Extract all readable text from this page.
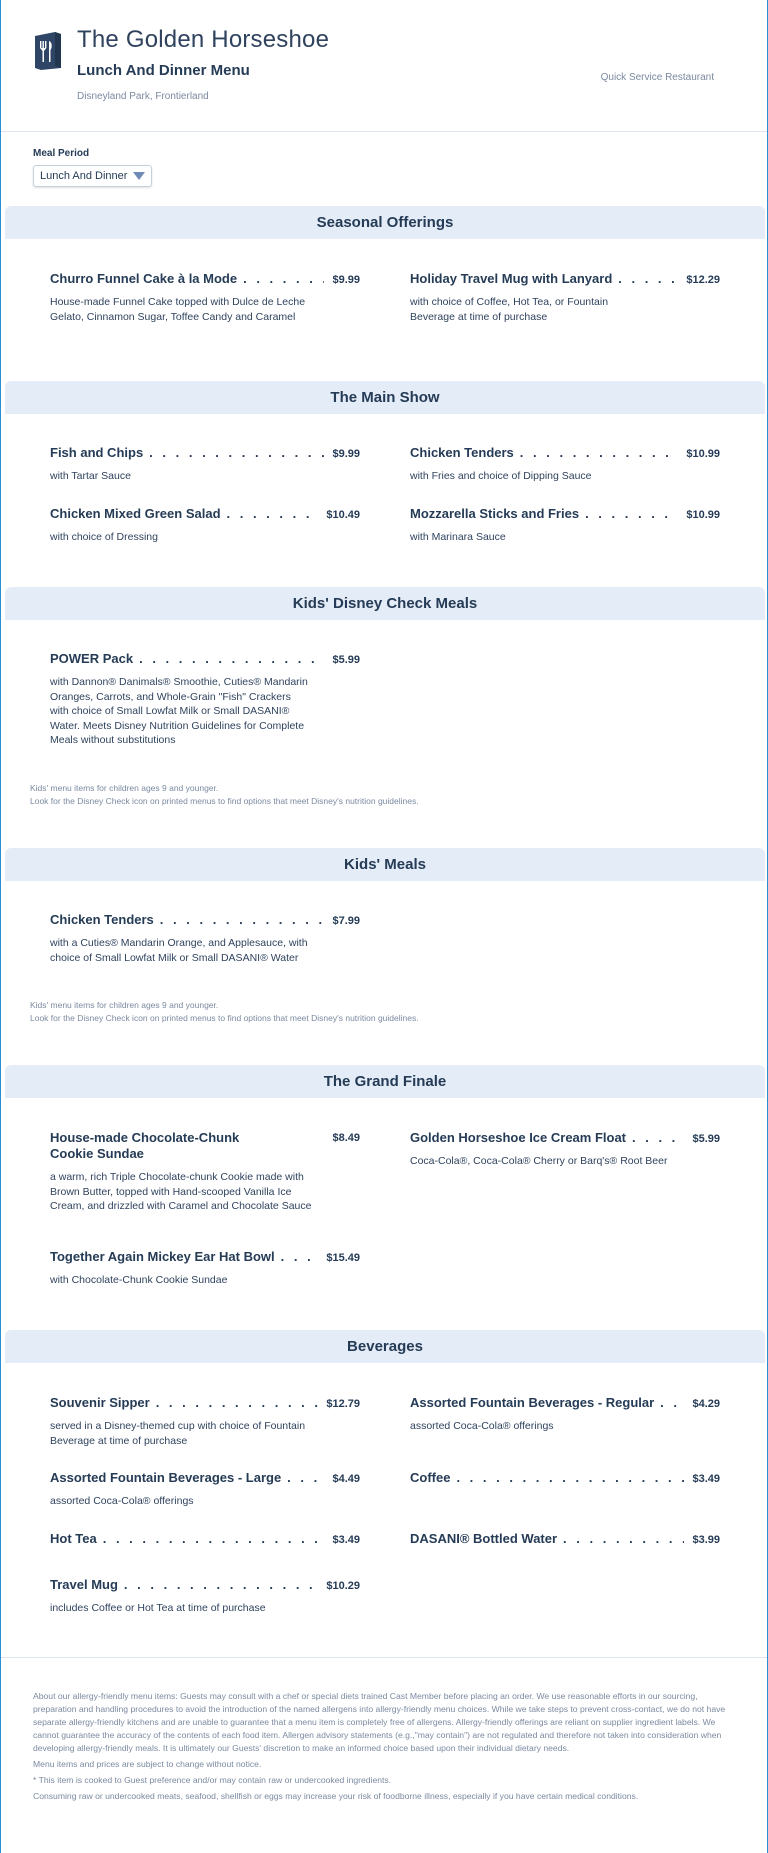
The Golden Horseshoe
Lunch And Dinner Menu
Disneyland Park, Frontierland
Quick Service Restaurant
Meal Period
Lunch And Dinner
Seasonal Offerings
Churro Funnel Cake à la Mode . . .	$9.99
House-made Funnel Cake topped with Dulce de Leche Gelato, Cinnamon Sugar, Toffee Candy and Caramel
Holiday Travel Mug with Lanyard . . .	$12.29
with choice of Coffee, Hot Tea, or Fountain Beverage at time of purchase
The Main Show
Fish and Chips . . .	$9.99
with Tartar Sauce
Chicken Tenders . . .	$10.99
with Fries and choice of Dipping Sauce
Chicken Mixed Green Salad . . .	$10.49
with choice of Dressing
Mozzarella Sticks and Fries . . .	$10.99
with Marinara Sauce
Kids' Disney Check Meals
POWER Pack . . .	$5.99
with Dannon® Danimals® Smoothie, Cuties® Mandarin Oranges, Carrots, and Whole-Grain "Fish" Crackers with choice of Small Lowfat Milk or Small DASANI® Water. Meets Disney Nutrition Guidelines for Complete Meals without substitutions
Kids' menu items for children ages 9 and younger.
Look for the Disney Check icon on printed menus to find options that meet Disney's nutrition guidelines.
Kids' Meals
Chicken Tenders . . .	$7.99
with a Cuties® Mandarin Orange, and Applesauce, with choice of Small Lowfat Milk or Small DASANI® Water
Kids' menu items for children ages 9 and younger.
Look for the Disney Check icon on printed menus to find options that meet Disney's nutrition guidelines.
The Grand Finale
House-made Chocolate-Chunk Cookie Sundae
$8.49
a warm, rich Triple Chocolate-chunk Cookie made with Brown Butter, topped with Hand-scooped Vanilla Ice Cream, and drizzled with Caramel and Chocolate Sauce
Golden Horseshoe Ice Cream Float . . .	$5.99
Coca-Cola®, Coca-Cola® Cherry or Barq's® Root Beer
Together Again Mickey Ear Hat Bowl . . .	$15.49
with Chocolate-Chunk Cookie Sundae
Beverages
Souvenir Sipper . . .	$12.79
served in a Disney-themed cup with choice of Fountain Beverage at time of purchase
Assorted Fountain Beverages - Regular . . .	$4.29
assorted Coca-Cola® offerings
Assorted Fountain Beverages - Large . . .	$4.49
assorted Coca-Cola® offerings
Coffee . . .	$3.49
Hot Tea . . .	$3.49	DASANI® Bottled Water . . .	$3.99
Travel Mug . . .	$10.29
includes Coffee or Hot Tea at time of purchase

About our allergy-friendly menu items: Guests may consult with a chef or special diets trained Cast Member before placing an order. We use reasonable efforts in our sourcing, preparation and handling procedures to avoid the introduction of the named allergens into allergy-friendly menu choices. While we take steps to prevent cross-contact, we do not have separate allergy-friendly kitchens and are unable to guarantee that a menu item is completely free of allergens. Allergy-friendly offerings are reliant on supplier ingredient labels. We cannot guarantee the accuracy of the contents of each food item. Allergen advisory statements (e.g.,"may contain") are not regulated and therefore not taken into consideration when developing allergy-friendly meals. It is ultimately our Guests' discretion to make an informed choice based upon their individual dietary needs.

Menu items and prices are subject to change without notice.

* This item is cooked to Guest preference and/or may contain raw or undercooked ingredients.

Consuming raw or undercooked meats, seafood, shellfish or eggs may increase your risk of foodborne illness, especially if you have certain medical conditions.
